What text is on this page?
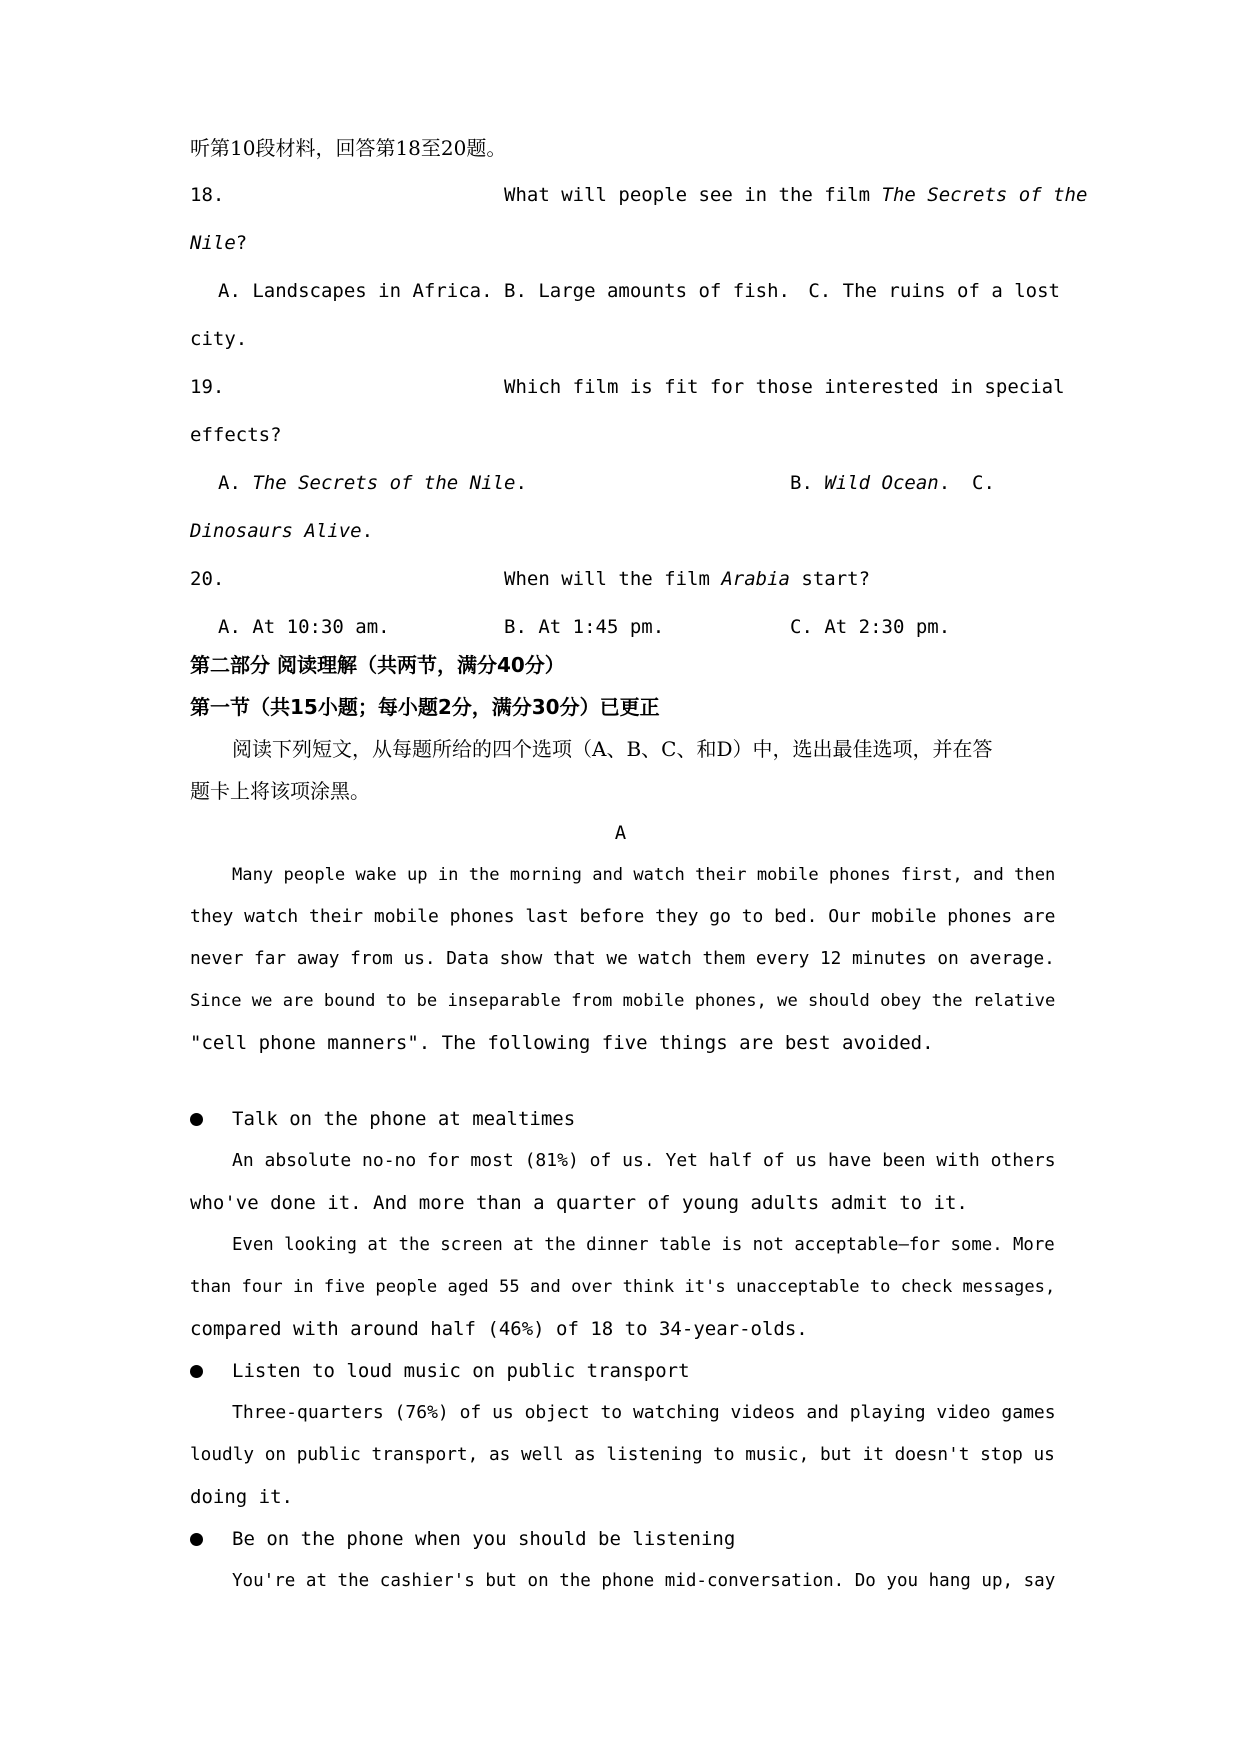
听第10段材料，回答第18至20题。
18.	What will people see in the film The Secrets of the
Nile?
A. Landscapes in Africa. B. Large amounts of fish. C. The ruins of a lost
city.
19.	Which film is fit for those interested in special
effects?
A. The Secrets of the Nile.	B. Wild Ocean. C.
Dinosaurs Alive.
20.	When will the film Arabia start?
A. At 10:30 am.	B. At 1:45 pm.	C. At 2:30 pm.
第二部分 阅读理解（共两节，满分40分）
第一节（共15小题；每小题2分，满分30分）已更正
阅读下列短文，从每题所给的四个选项（A、B、C、和D）中，选出最佳选项，并在答
题卡上将该项涂黑。
A
Many people wake up in the morning and watch their mobile phones first, and then
they watch their mobile phones last before they go to bed. Our mobile phones are
never far away from us. Data show that we watch them every 12 minutes on average.
Since we are bound to be inseparable from mobile phones, we should obey the relative
"cell phone manners". The following five things are best avoided.
Talk on the phone at mealtimes
An absolute no-no for most (81%) of us. Yet half of us have been with others
who've done it. And more than a quarter of young adults admit to it.
Even looking at the screen at the dinner table is not acceptable—for some. More
than four in five people aged 55 and over think it's unacceptable to check messages,
compared with around half (46%) of 18 to 34-year-olds.
Listen to loud music on public transport
Three-quarters (76%) of us object to watching videos and playing video games
loudly on public transport, as well as listening to music, but it doesn't stop us
doing it.
Be on the phone when you should be listening
You're at the cashier's but on the phone mid-conversation. Do you hang up, say
